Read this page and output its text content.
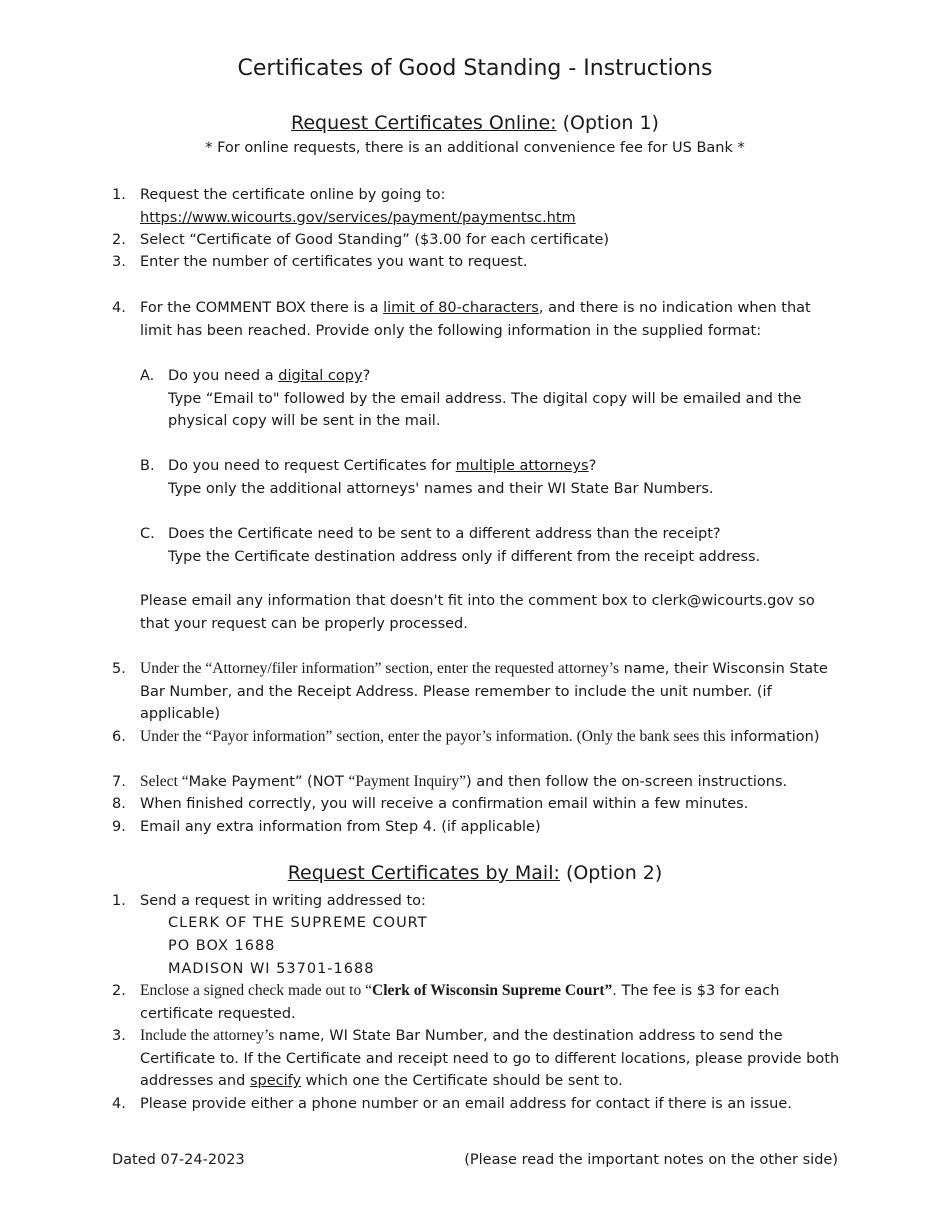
Certificates of Good Standing - Instructions
Request Certificates Online: (Option 1)
* For online requests, there is an additional convenience fee for US Bank *
1. Request the certificate online by going to:
https://www.wicourts.gov/services/payment/paymentsc.htm
2. Select “Certificate of Good Standing” ($3.00 for each certificate)
3. Enter the number of certificates you want to request.
4. For the COMMENT BOX there is a limit of 80-characters, and there is no indication when that limit has been reached. Provide only the following information in the supplied format:
A. Do you need a digital copy?
Type “Email to" followed by the email address. The digital copy will be emailed and the physical copy will be sent in the mail.
B. Do you need to request Certificates for multiple attorneys?
Type only the additional attorneys' names and their WI State Bar Numbers.
C. Does the Certificate need to be sent to a different address than the receipt?
Type the Certificate destination address only if different from the receipt address.
Please email any information that doesn't fit into the comment box to clerk@wicourts.gov so that your request can be properly processed.
5. Under the “Attorney/filer information” section, enter the requested attorney’s name, their Wisconsin State Bar Number, and the Receipt Address. Please remember to include the unit number. (if applicable)
6. Under the “Payor information” section, enter the payor’s information. (Only the bank sees this information)
7. Select “Make Payment” (NOT “Payment Inquiry”) and then follow the on-screen instructions.
8. When finished correctly, you will receive a confirmation email within a few minutes.
9. Email any extra information from Step 4. (if applicable)
Request Certificates by Mail: (Option 2)
1. Send a request in writing addressed to:
CLERK OF THE SUPREME COURT
PO BOX 1688
MADISON WI 53701-1688
2. Enclose a signed check made out to “Clerk of Wisconsin Supreme Court”. The fee is $3 for each certificate requested.
3. Include the attorney’s name, WI State Bar Number, and the destination address to send the Certificate to. If the Certificate and receipt need to go to different locations, please provide both addresses and specify which one the Certificate should be sent to.
4. Please provide either a phone number or an email address for contact if there is an issue.
Dated 07-24-2023	(Please read the important notes on the other side)
